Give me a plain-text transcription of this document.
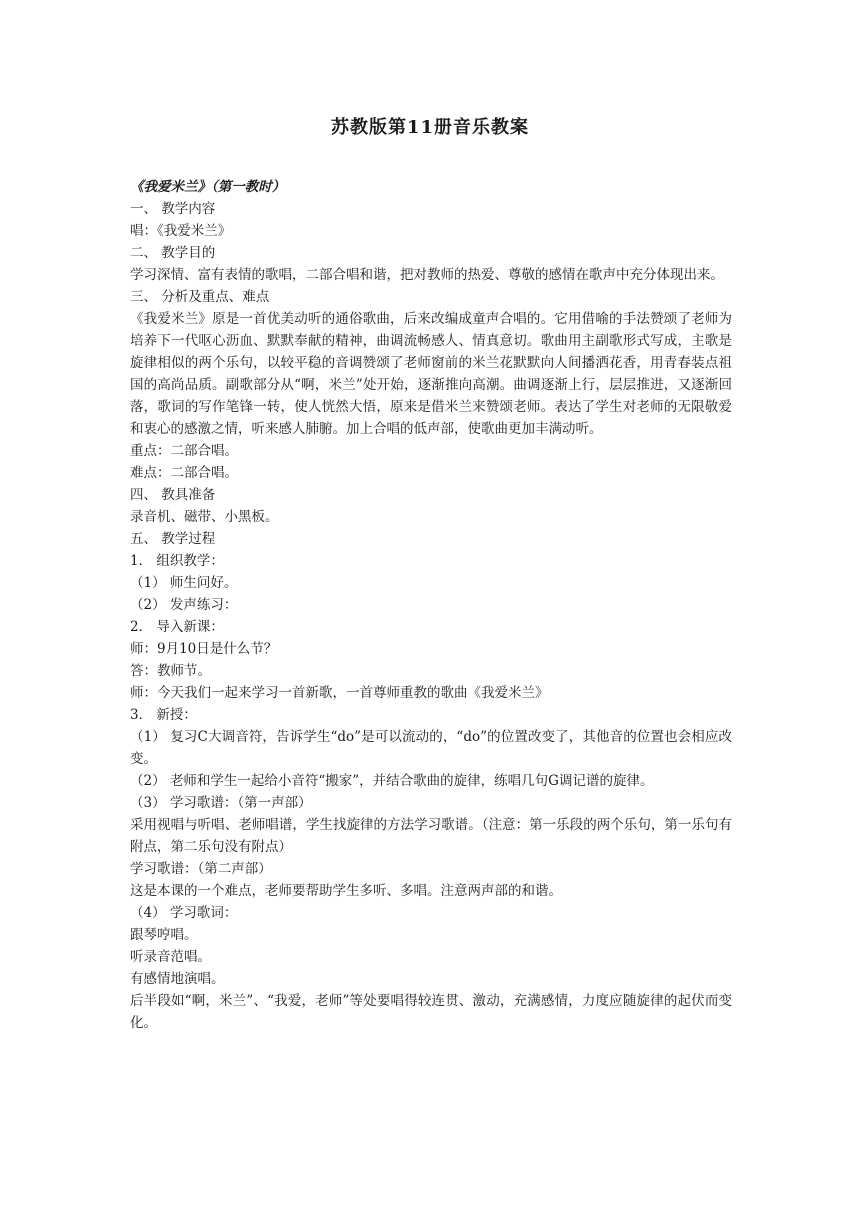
苏教版第11册音乐教案

《我爱米兰》（第一教时）

一、 教学内容

唱：《我爱米兰》

二、 教学目的

学习深情、富有表情的歌唱，二部合唱和谐，把对教师的热爱、尊敬的感情在歌声中充分体现出来。

三、 分析及重点、难点

《我爱米兰》原是一首优美动听的通俗歌曲，后来改编成童声合唱的。它用借喻的手法赞颂了老师为培养下一代呕心沥血、默默奉献的精神，曲调流畅感人、情真意切。歌曲用主副歌形式写成，主歌是旋律相似的两个乐句，以较平稳的音调赞颂了老师窗前的米兰花默默向人间播洒花香，用青春装点祖国的高尚品质。副歌部分从“啊，米兰”处开始，逐渐推向高潮。曲调逐渐上行，层层推进，又逐渐回落，歌词的写作笔锋一转，使人恍然大悟，原来是借米兰来赞颂老师。表达了学生对老师的无限敬爱和衷心的感激之情，听来感人肺腑。加上合唱的低声部，使歌曲更加丰满动听。

重点：二部合唱。

难点：二部合唱。

四、 教具准备

录音机、磁带、小黑板。

五、 教学过程

1． 组织教学：

（1） 师生问好。

（2） 发声练习：

2． 导入新课：

师：9月10日是什么节？

答：教师节。

师：今天我们一起来学习一首新歌，一首尊师重教的歌曲《我爱米兰》

3． 新授：

（1） 复习C大调音符，告诉学生“do”是可以流动的，“do”的位置改变了，其他音的位置也会相应改变。

（2） 老师和学生一起给小音符“搬家”，并结合歌曲的旋律，练唱几句G调记谱的旋律。

（3） 学习歌谱：（第一声部）

采用视唱与听唱、老师唱谱，学生找旋律的方法学习歌谱。（注意：第一乐段的两个乐句，第一乐句有附点，第二乐句没有附点）

学习歌谱：（第二声部）

这是本课的一个难点，老师要帮助学生多听、多唱。注意两声部的和谐。

（4） 学习歌词：

跟琴哼唱。

听录音范唱。

有感情地演唱。

后半段如“啊，米兰”、“我爱，老师”等处要唱得较连贯、激动，充满感情，力度应随旋律的起伏而变化。
